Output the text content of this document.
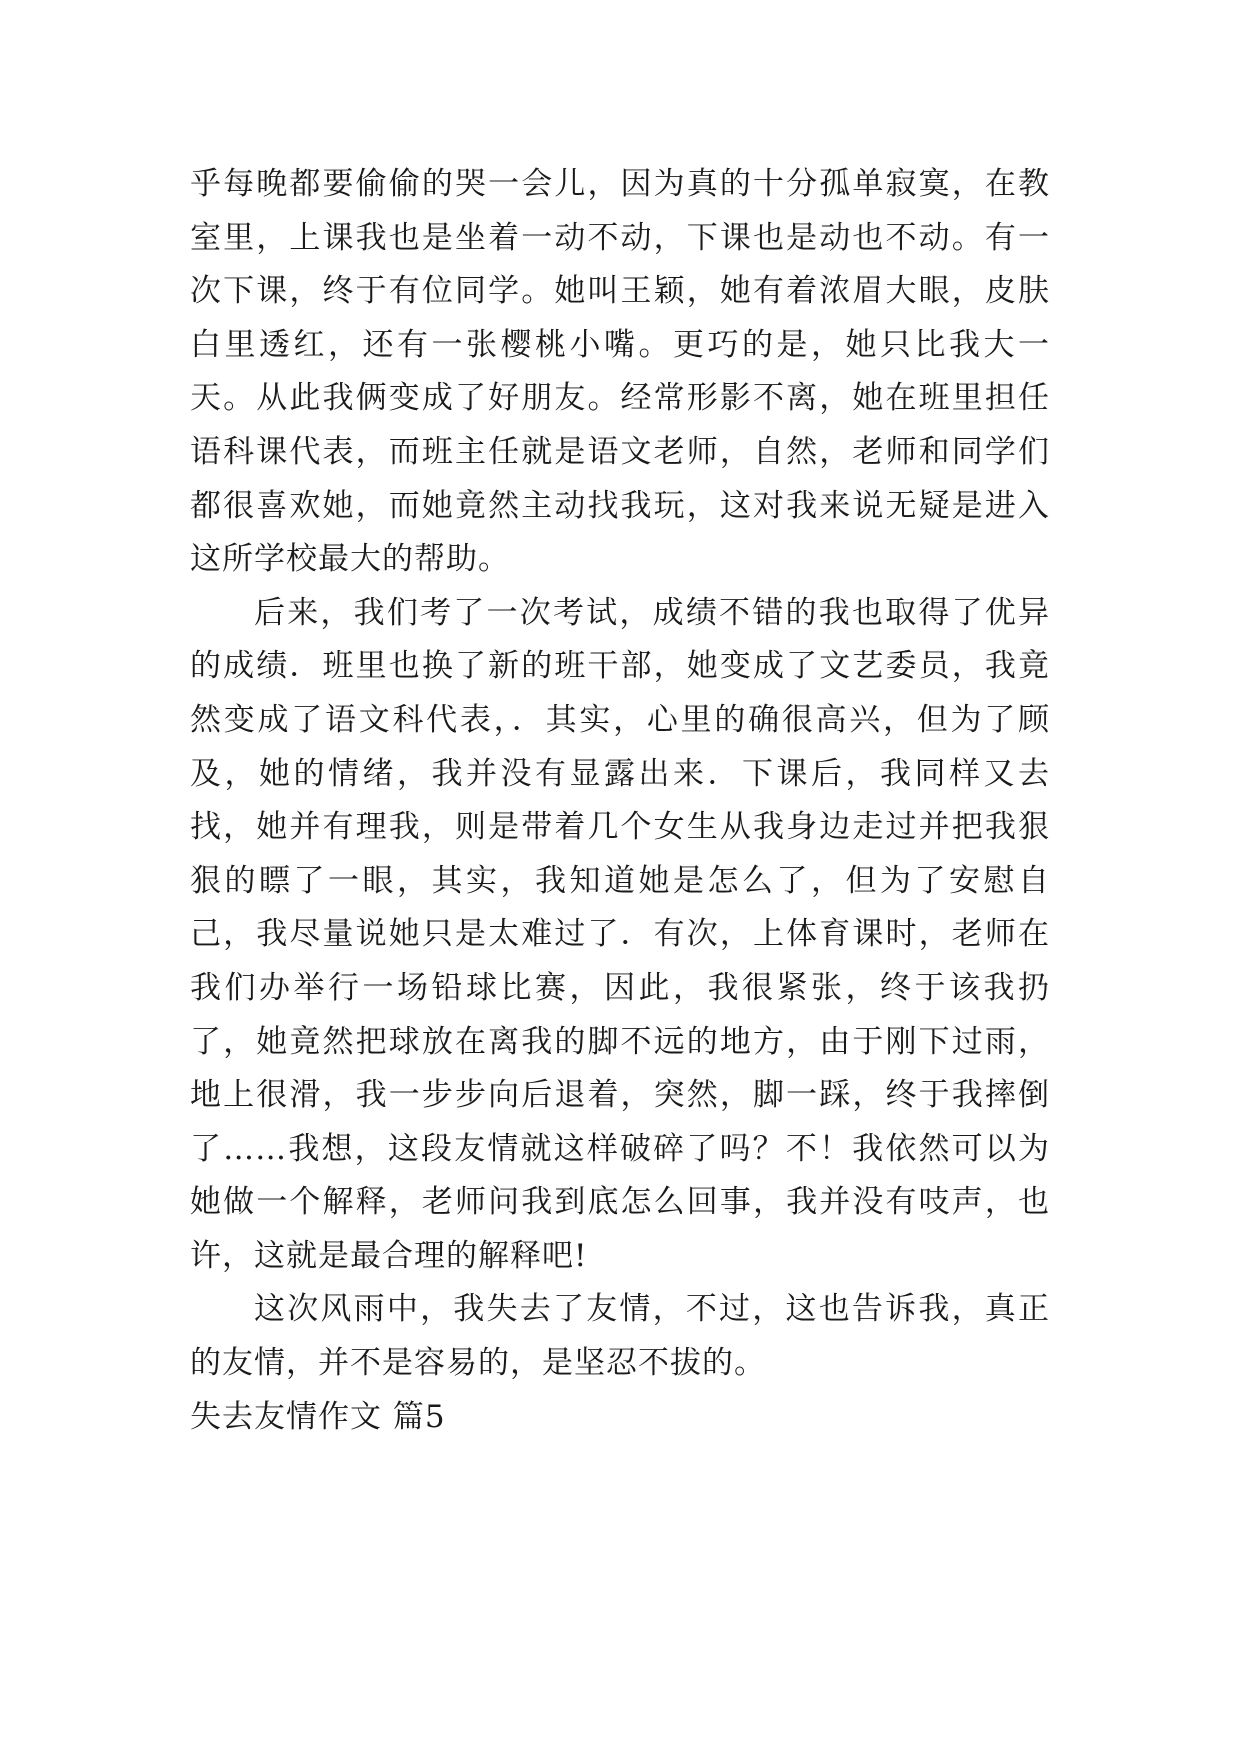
乎每晚都要偷偷的哭一会儿，因为真的十分孤单寂寞，在教室里，上课我也是坐着一动不动，下课也是动也不动。有一次下课，终于有位同学。她叫王颖，她有着浓眉大眼，皮肤白里透红，还有一张樱桃小嘴。更巧的是，她只比我大一天。从此我俩变成了好朋友。经常形影不离，她在班里担任语科课代表，而班主任就是语文老师，自然，老师和同学们都很喜欢她，而她竟然主动找我玩，这对我来说无疑是进入这所学校最大的帮助。

后来，我们考了一次考试，成绩不错的我也取得了优异的成绩．班里也换了新的班干部，她变成了文艺委员，我竟然变成了语文科代表，．其实，心里的确很高兴，但为了顾及，她的情绪，我并没有显露出来．下课后，我同样又去找，她并有理我，则是带着几个女生从我身边走过并把我狠狠的瞟了一眼，其实，我知道她是怎么了，但为了安慰自己，我尽量说她只是太难过了．有次，上体育课时，老师在我们办举行一场铅球比赛，因此，我很紧张，终于该我扔了，她竟然把球放在离我的脚不远的地方，由于刚下过雨，地上很滑，我一步步向后退着，突然，脚一踩，终于我摔倒了……我想，这段友情就这样破碎了吗？不！我依然可以为她做一个解释，老师问我到底怎么回事，我并没有吱声，也许，这就是最合理的解释吧!

这次风雨中，我失去了友情，不过，这也告诉我，真正的友情，并不是容易的，是坚忍不拔的。

失去友情作文 篇5
